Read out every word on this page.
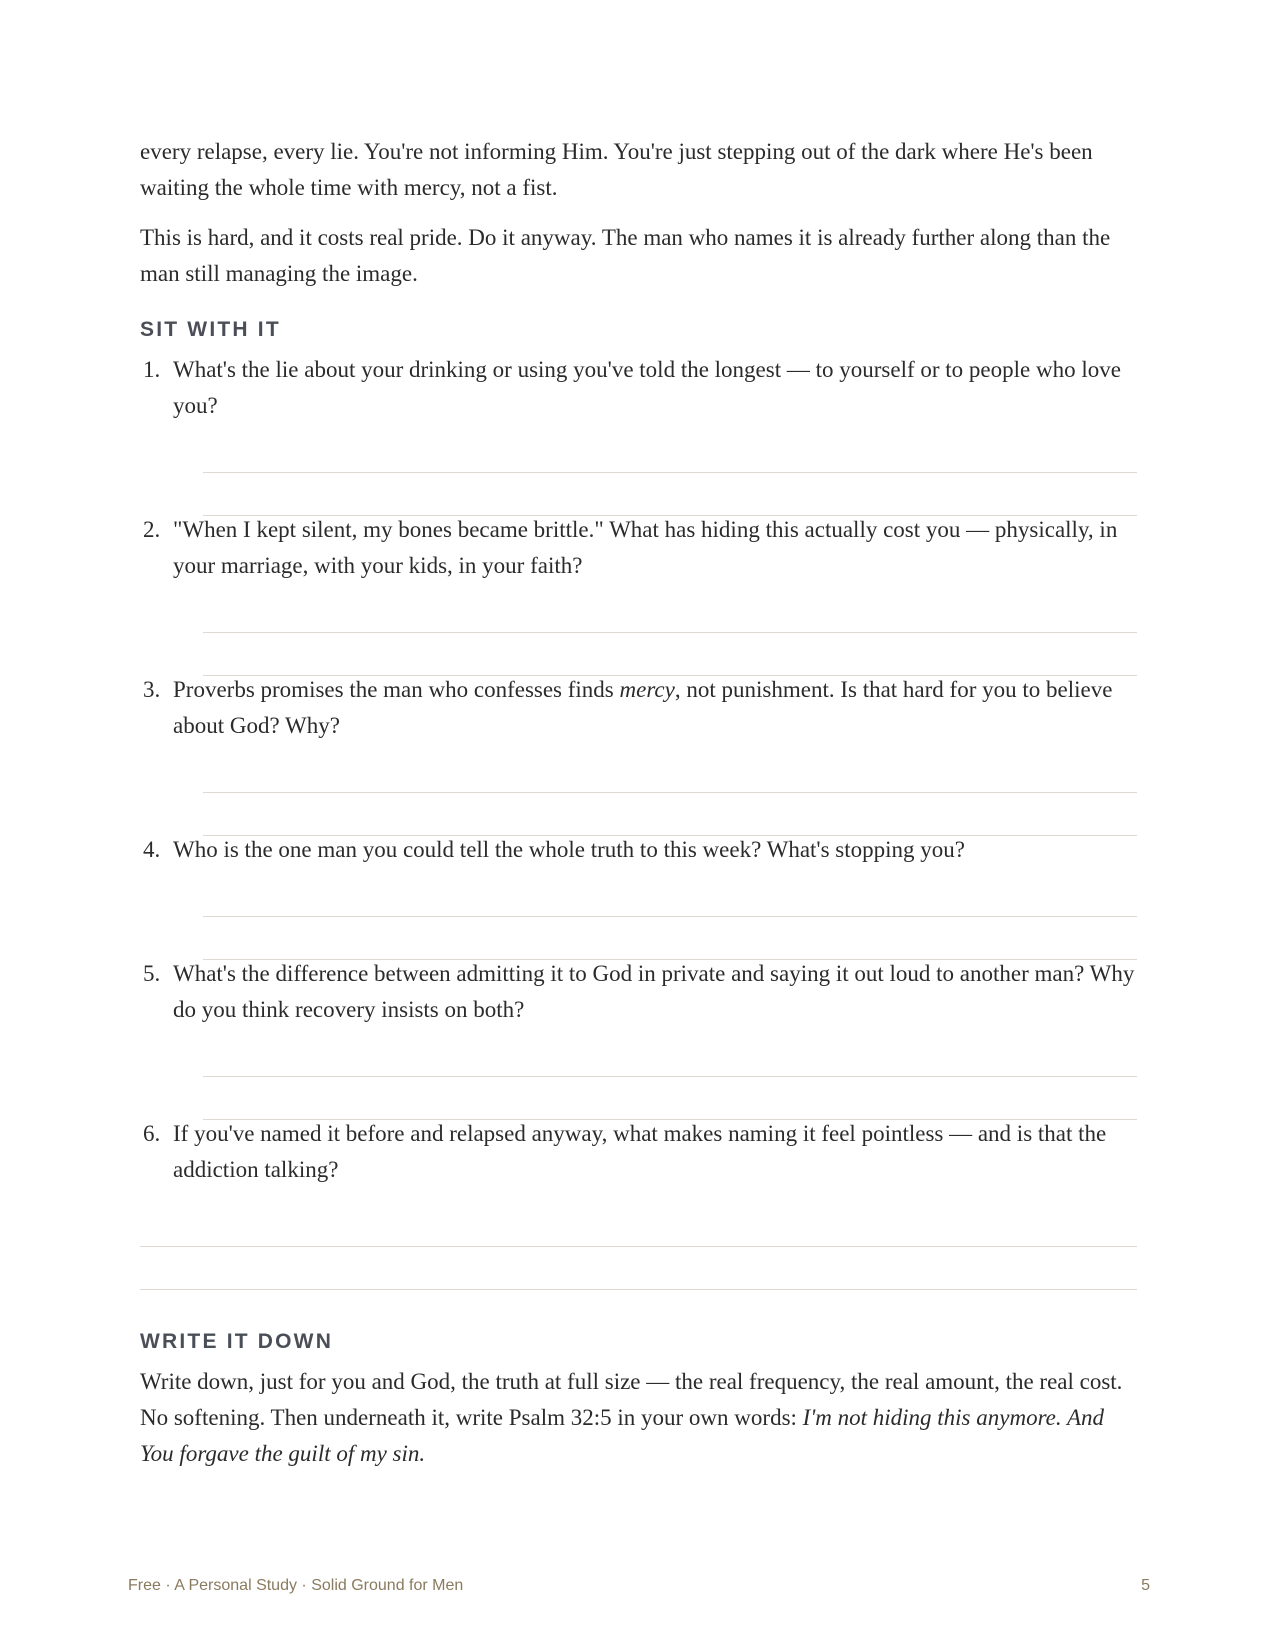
every relapse, every lie. You're not informing Him. You're just stepping out of the dark where He's been waiting the whole time with mercy, not a fist.

This is hard, and it costs real pride. Do it anyway. The man who names it is already further along than the man still managing the image.

SIT WITH IT
1. What's the lie about your drinking or using you've told the longest — to yourself or to people who love you?
2. "When I kept silent, my bones became brittle." What has hiding this actually cost you — physically, in your marriage, with your kids, in your faith?
3. Proverbs promises the man who confesses finds mercy, not punishment. Is that hard for you to believe about God? Why?
4. Who is the one man you could tell the whole truth to this week? What's stopping you?
5. What's the difference between admitting it to God in private and saying it out loud to another man? Why do you think recovery insists on both?
6. If you've named it before and relapsed anyway, what makes naming it feel pointless — and is that the addiction talking?
WRITE IT DOWN

Write down, just for you and God, the truth at full size — the real frequency, the real amount, the real cost. No softening. Then underneath it, write Psalm 32:5 in your own words: I'm not hiding this anymore. And You forgave the guilt of my sin.

Free · A Personal Study · Solid Ground for Men	5
